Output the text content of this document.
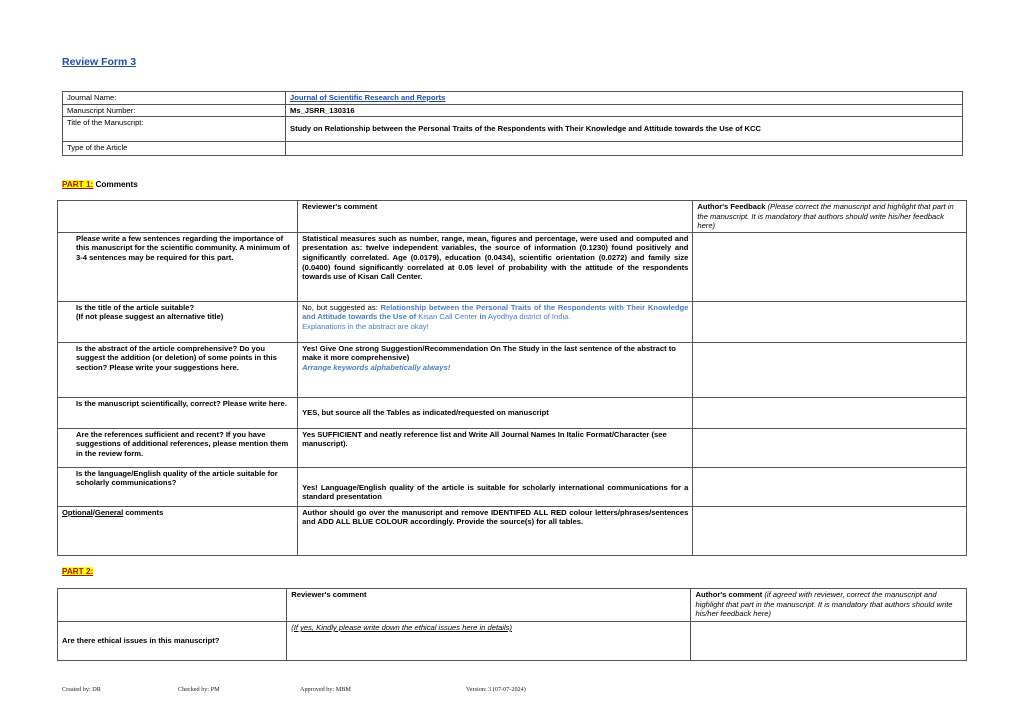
Review Form 3
Journal Name:	Journal of Scientific Research and Reports
Manuscript Number:	Ms_JSRR_130316
Title of the Manuscript:	Study on Relationship between the Personal Traits of the Respondents with Their Knowledge and Attitude towards the Use of KCC
Type of the Article	
PART 1: Comments
	Reviewer's comment	Author's Feedback (Please correct the manuscript and highlight that part in the manuscript. It is mandatory that authors should write his/her feedback here)
Please write a few sentences regarding the importance of this manuscript for the scientific community. A minimum of 3-4 sentences may be required for this part.	Statistical measures such as number, range, mean, figures and percentage, were used and computed and presentation as: twelve independent variables, the source of information (0.1230) found positively and significantly correlated. Age (0.0179), education (0.0434), scientific orientation (0.0272) and family size (0.0400) found significantly correlated at 0.05 level of probability with the attitude of the respondents towards use of Kisan Call Center.	
Is the title of the article suitable?
(If not please suggest an alternative title)	No, but suggested as: Relationship between the Personal Traits of the Respondents with Their Knowledge and Attitude towards the Use of Kisan Call Center in Ayodhya district of India.
Explanations in the abstract are okay!	
Is the abstract of the article comprehensive? Do you suggest the addition (or deletion) of some points in this section? Please write your suggestions here.	Yes! Give One strong Suggestion/Recommendation On The Study in the last sentence of the abstract to make it more comprehensive)
Arrange keywords alphabetically always!	
Is the manuscript scientifically, correct? Please write here.	YES, but source all the Tables as indicated/requested on manuscript	
Are the references sufficient and recent? If you have suggestions of additional references, please mention them in the review form.	Yes SUFFICIENT and neatly reference list and Write All Journal Names In Italic Format/Character (see manuscript).	
Is the language/English quality of the article suitable for scholarly communications?	Yes! Language/English quality of the article is suitable for scholarly international communications for a standard presentation	
Optional/General comments	Author should go over the manuscript and remove IDENTIFED ALL RED colour letters/phrases/sentences and ADD ALL BLUE COLOUR accordingly. Provide the source(s) for all tables.	
PART 2:
	Reviewer's comment	Author's comment (if agreed with reviewer, correct the manuscript and highlight that part in the manuscript. It is mandatory that authors should write his/her feedback here)
Are there ethical issues in this manuscript?	(If yes, Kindly please write down the ethical issues here in details)	
Created by: DR	Checked by: PM	Approved by: MBM	Version: 3 (07-07-2024)
